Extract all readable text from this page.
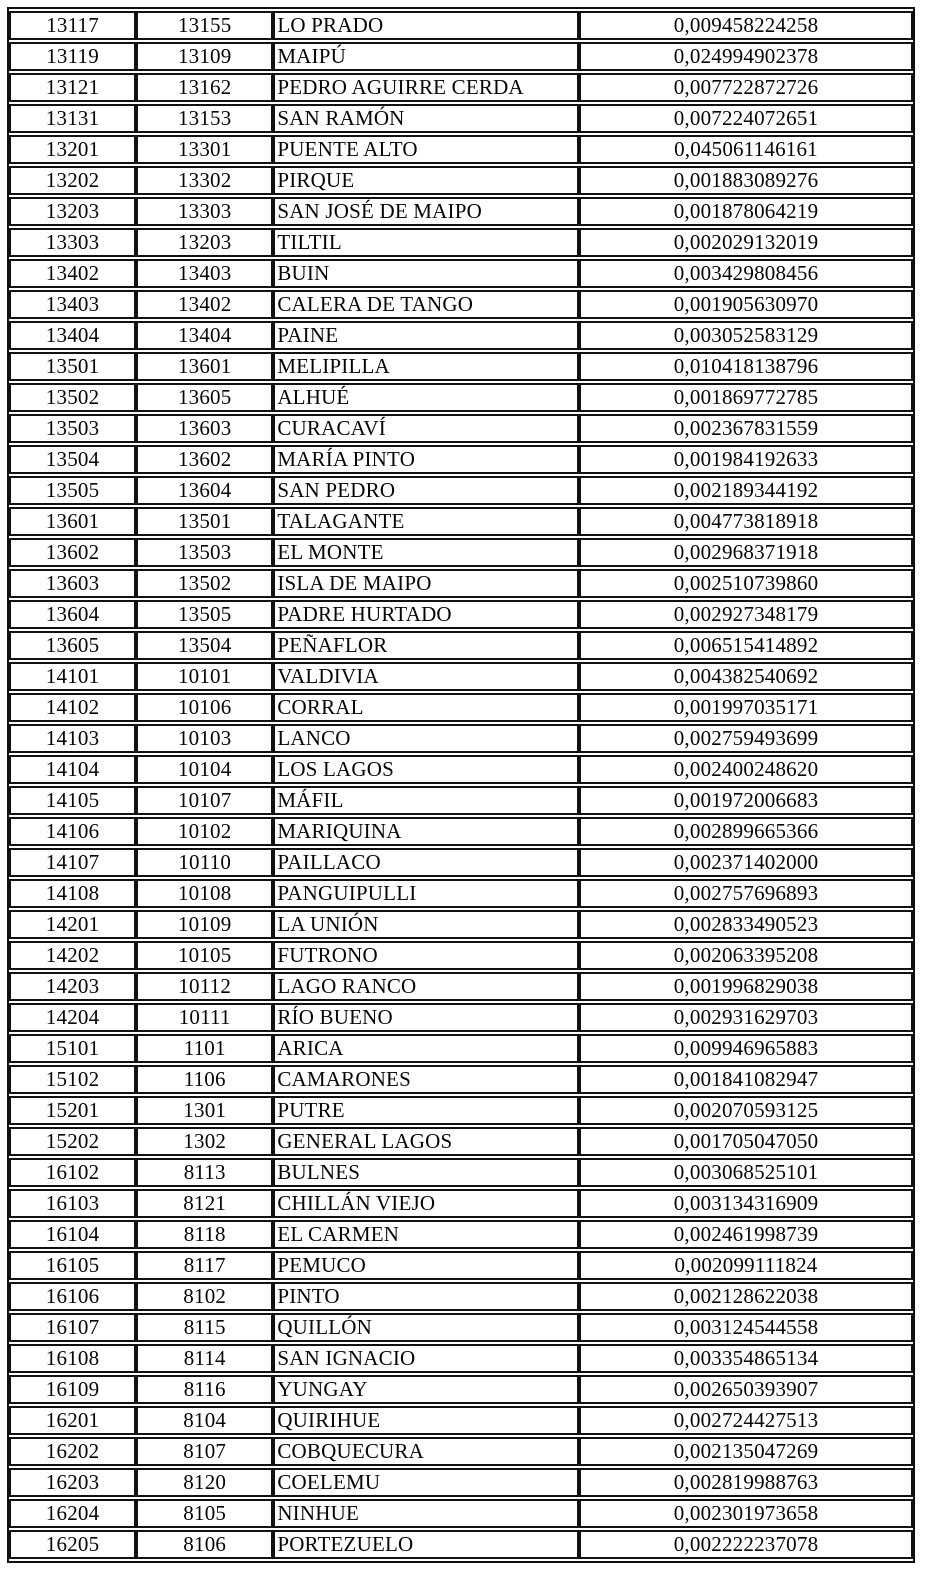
13117	13155	LO PRADO	0,009458224258
13119	13109	MAIPÚ	0,024994902378
13121	13162	PEDRO AGUIRRE CERDA	0,007722872726
13131	13153	SAN RAMÓN	0,007224072651
13201	13301	PUENTE ALTO	0,045061146161
13202	13302	PIRQUE	0,001883089276
13203	13303	SAN JOSÉ DE MAIPO	0,001878064219
13303	13203	TILTIL	0,002029132019
13402	13403	BUIN	0,003429808456
13403	13402	CALERA DE TANGO	0,001905630970
13404	13404	PAINE	0,003052583129
13501	13601	MELIPILLA	0,010418138796
13502	13605	ALHUÉ	0,001869772785
13503	13603	CURACAVÍ	0,002367831559
13504	13602	MARÍA PINTO	0,001984192633
13505	13604	SAN PEDRO	0,002189344192
13601	13501	TALAGANTE	0,004773818918
13602	13503	EL MONTE	0,002968371918
13603	13502	ISLA DE MAIPO	0,002510739860
13604	13505	PADRE HURTADO	0,002927348179
13605	13504	PEÑAFLOR	0,006515414892
14101	10101	VALDIVIA	0,004382540692
14102	10106	CORRAL	0,001997035171
14103	10103	LANCO	0,002759493699
14104	10104	LOS LAGOS	0,002400248620
14105	10107	MÁFIL	0,001972006683
14106	10102	MARIQUINA	0,002899665366
14107	10110	PAILLACO	0,002371402000
14108	10108	PANGUIPULLI	0,002757696893
14201	10109	LA UNIÓN	0,002833490523
14202	10105	FUTRONO	0,002063395208
14203	10112	LAGO RANCO	0,001996829038
14204	10111	RÍO BUENO	0,002931629703
15101	1101	ARICA	0,009946965883
15102	1106	CAMARONES	0,001841082947
15201	1301	PUTRE	0,002070593125
15202	1302	GENERAL LAGOS	0,001705047050
16102	8113	BULNES	0,003068525101
16103	8121	CHILLÁN VIEJO	0,003134316909
16104	8118	EL CARMEN	0,002461998739
16105	8117	PEMUCO	0,002099111824
16106	8102	PINTO	0,002128622038
16107	8115	QUILLÓN	0,003124544558
16108	8114	SAN IGNACIO	0,003354865134
16109	8116	YUNGAY	0,002650393907
16201	8104	QUIRIHUE	0,002724427513
16202	8107	COBQUECURA	0,002135047269
16203	8120	COELEMU	0,002819988763
16204	8105	NINHUE	0,002301973658
16205	8106	PORTEZUELO	0,002222237078
